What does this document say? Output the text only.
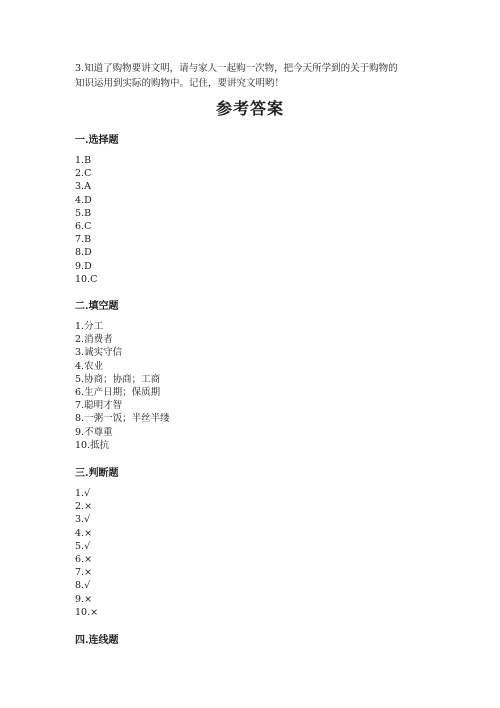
3.知道了购物要讲文明，请与家人一起购一次物，把今天所学到的关于购物的

知识运用到实际的购物中。记住，要讲究文明哟！

参考答案
一.选择题
1.B
2.C
3.A
4.D
5.B
6.C
7.B
8.D
9.D
10.C
二.填空题
1.分工
2.消费者
3.诚实守信
4.农业
5.协商；协商；工商
6.生产日期；保质期
7.聪明才智
8.一粥一饭；半丝半缕
9.不尊重
10.抵抗
三.判断题
1.√
2.×
3.√
4.×
5.√
6.×
7.×
8.√
9.×
10.×
四.连线题
